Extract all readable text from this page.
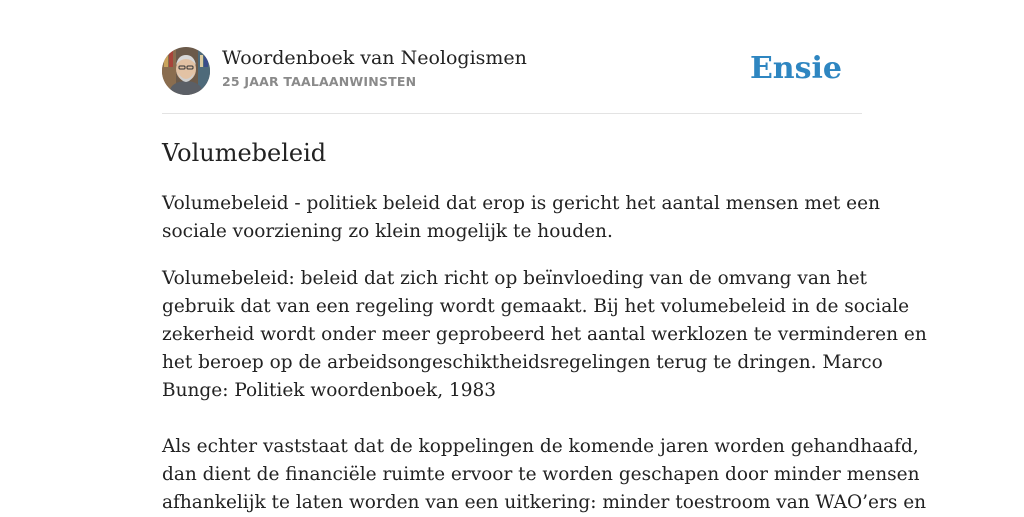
Woordenboek van Neologismen
25 JAAR TAALAANWINSTEN	Ensie
Volumebeleid

Volumebeleid - politiek beleid dat erop is gericht het aantal mensen met een
sociale voorziening zo klein mogelijk te houden.

Volumebeleid: beleid dat zich richt op beïnvloeding van de omvang van het
gebruik dat van een regeling wordt gemaakt. Bij het volumebeleid in de sociale
zekerheid wordt onder meer geprobeerd het aantal werklozen te verminderen en
het beroep op de arbeidsongeschiktheidsregelingen terug te dringen. Marco
Bunge: Politiek woordenboek, 1983

Als echter vaststaat dat de koppelingen de komende jaren worden gehandhaafd,
dan dient de financiële ruimte ervoor te worden geschapen door minder mensen
afhankelijk te laten worden van een uitkering: minder toestroom van WAO’ers en
